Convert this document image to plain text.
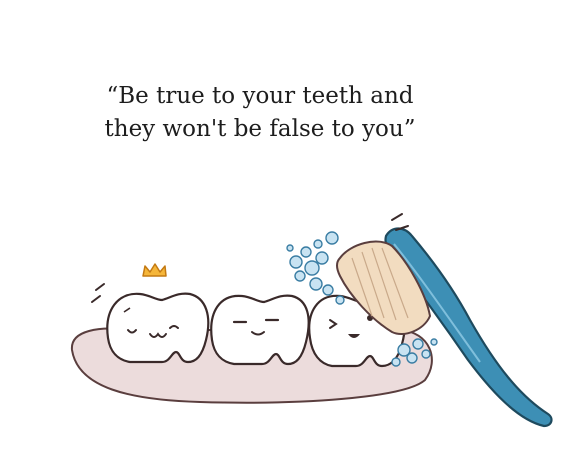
“Be true to your teeth and
they won't be false to you”
